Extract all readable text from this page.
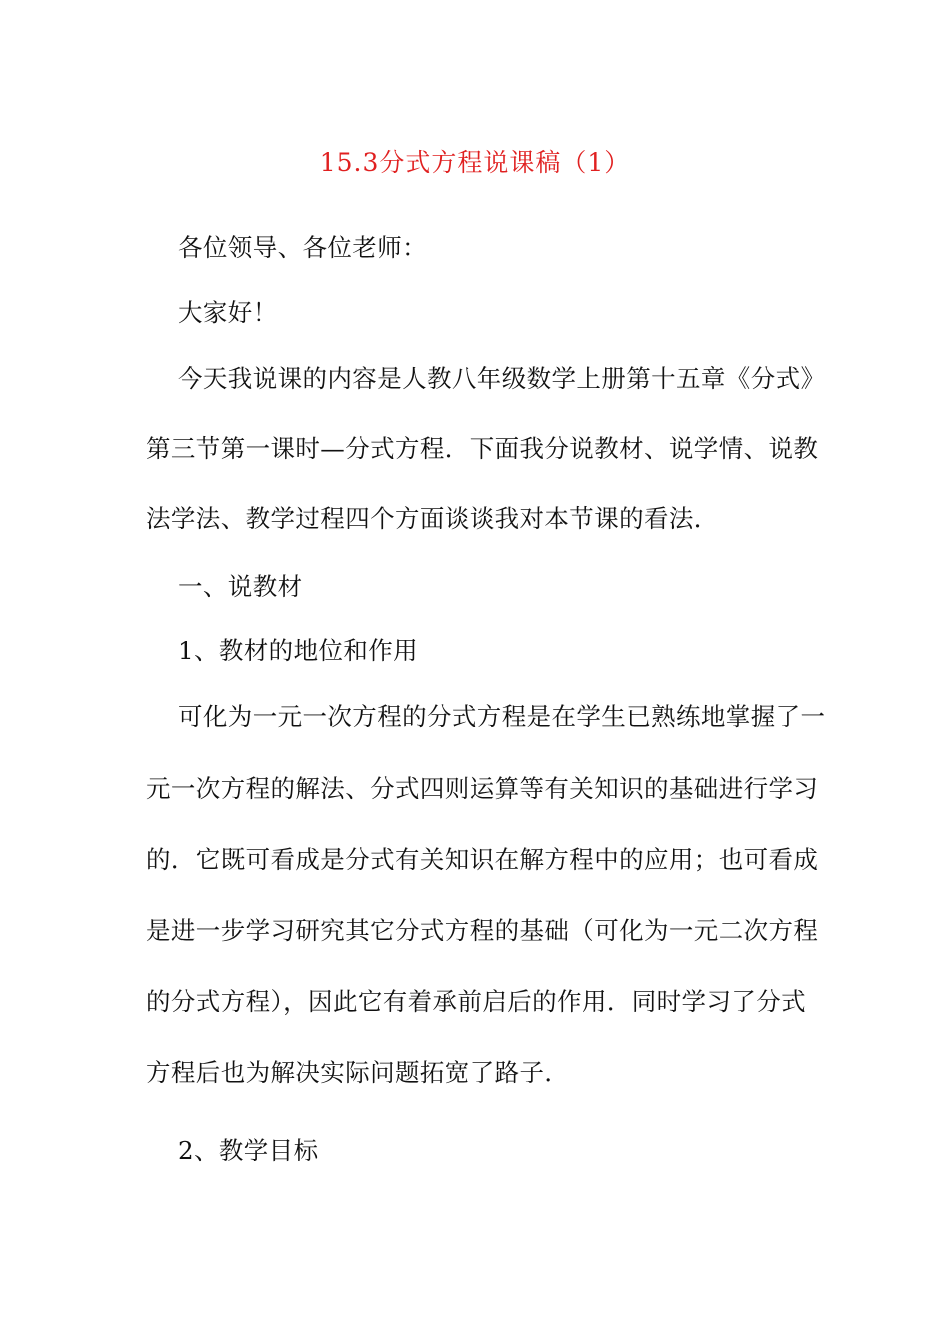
15.3分式方程说课稿（1）
各位领导、各位老师：
大家好！
今天我说课的内容是人教八年级数学上册第十五章《分式》
第三节第一课时—分式方程．下面我分说教材、说学情、说教
法学法、教学过程四个方面谈谈我对本节课的看法．
一、说教材
1、教材的地位和作用
可化为一元一次方程的分式方程是在学生已熟练地掌握了一
元一次方程的解法、分式四则运算等有关知识的基础进行学习
的．它既可看成是分式有关知识在解方程中的应用；也可看成
是进一步学习研究其它分式方程的基础（可化为一元二次方程
的分式方程），因此它有着承前启后的作用．同时学习了分式
方程后也为解决实际问题拓宽了路子．
2、教学目标
